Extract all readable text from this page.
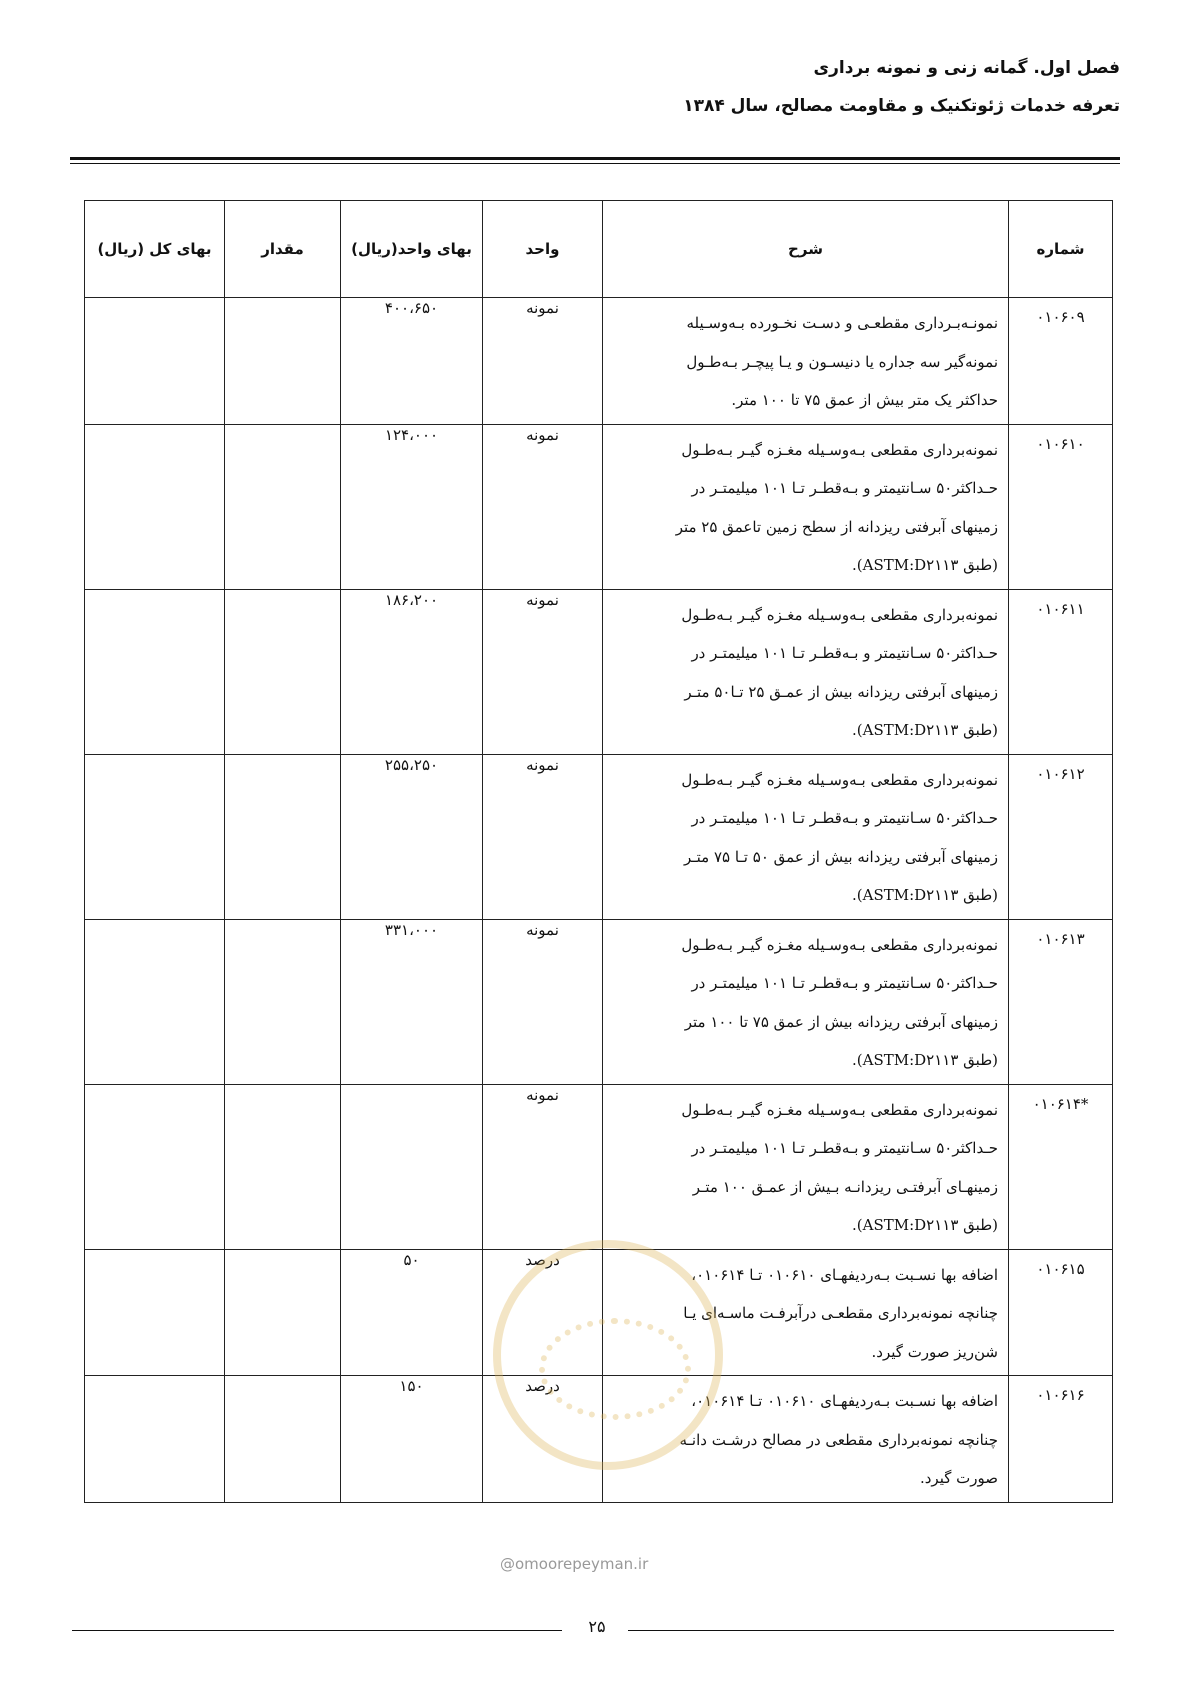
فصل اول. گمانه زنی و نمونه برداری

تعرفه خدمات ژئوتکنیک و مقاومت مصالح، سال ۱۳۸۴

شماره	شرح	واحد	بهای واحد(ریال)	مقدار	بهای کل (ریال)
۰۱۰۶۰۹	نمونـه‌بـرداری مقطعـی و دسـت نخـورده بـه‌وسـیله
نمونه‌گیر سه جداره یا دنیسـون و یـا پیچـر بـه‌طـول
حداکثر یک متر بیش از عمق ۷۵ تا ۱۰۰ متر.	نمونه	۴۰۰،۶۵۰		
۰۱۰۶۱۰	نمونه‌برداری مقطعی بـه‌وسـیله مغـزه گیـر بـه‌طـول
حـداکثر۵۰ سـانتیمتر و بـه‌قطـر تـا ۱۰۱ میلیمتـر در
زمینهای آبرفتی ریزدانه از سطح زمین تاعمق ۲۵ متر
(طبق ASTM:D۲۱۱۳).	نمونه	۱۲۴،۰۰۰		
۰۱۰۶۱۱	نمونه‌برداری مقطعی بـه‌وسـیله مغـزه گیـر بـه‌طـول
حـداکثر۵۰ سـانتیمتر و بـه‌قطـر تـا ۱۰۱ میلیمتـر در
زمینهای آبرفتی ریزدانه بیش از عمـق ۲۵ تـا۵۰ متـر
(طبق ASTM:D۲۱۱۳).	نمونه	۱۸۶،۲۰۰		
۰۱۰۶۱۲	نمونه‌برداری مقطعی بـه‌وسـیله مغـزه گیـر بـه‌طـول
حـداکثر۵۰ سـانتیمتر و بـه‌قطـر تـا ۱۰۱ میلیمتـر در
زمینهای آبرفتی ریزدانه بیش از عمق ۵۰ تـا ۷۵ متـر
(طبق ASTM:D۲۱۱۳).	نمونه	۲۵۵،۲۵۰		
۰۱۰۶۱۳	نمونه‌برداری مقطعی بـه‌وسـیله مغـزه گیـر بـه‌طـول
حـداکثر۵۰ سـانتیمتر و بـه‌قطـر تـا ۱۰۱ میلیمتـر در
زمینهای آبرفتی ریزدانه بیش از عمق ۷۵ تا ۱۰۰ متر
(طبق ASTM:D۲۱۱۳).	نمونه	۳۳۱،۰۰۰		
*۰۱۰۶۱۴	نمونه‌برداری مقطعی بـه‌وسـیله مغـزه گیـر بـه‌طـول
حـداکثر۵۰ سـانتیمتر و بـه‌قطـر تـا ۱۰۱ میلیمتـر در
زمینهـای آبرفتـی ریزدانـه بـیش از عمـق ۱۰۰ متـر
(طبق ASTM:D۲۱۱۳).	نمونه			
۰۱۰۶۱۵	اضافه بها نسـبت بـه‌ردیفهـای ۰۱۰۶۱۰ تـا ۰۱۰۶۱۴،
چنانچه نمونه‌برداری مقطعـی درآبرفـت ماسـه‌ای یـا
شن‌ریز صورت گیرد.	درصد	۵۰		
۰۱۰۶۱۶	اضافه بها نسـبت بـه‌ردیفهـای ۰۱۰۶۱۰ تـا ۰۱۰۶۱۴،
چنانچه نمونه‌برداری مقطعی در مصالح درشـت دانـه
صورت گیرد.	درصد	۱۵۰		
@omoorepeyman.ir
۲۵
